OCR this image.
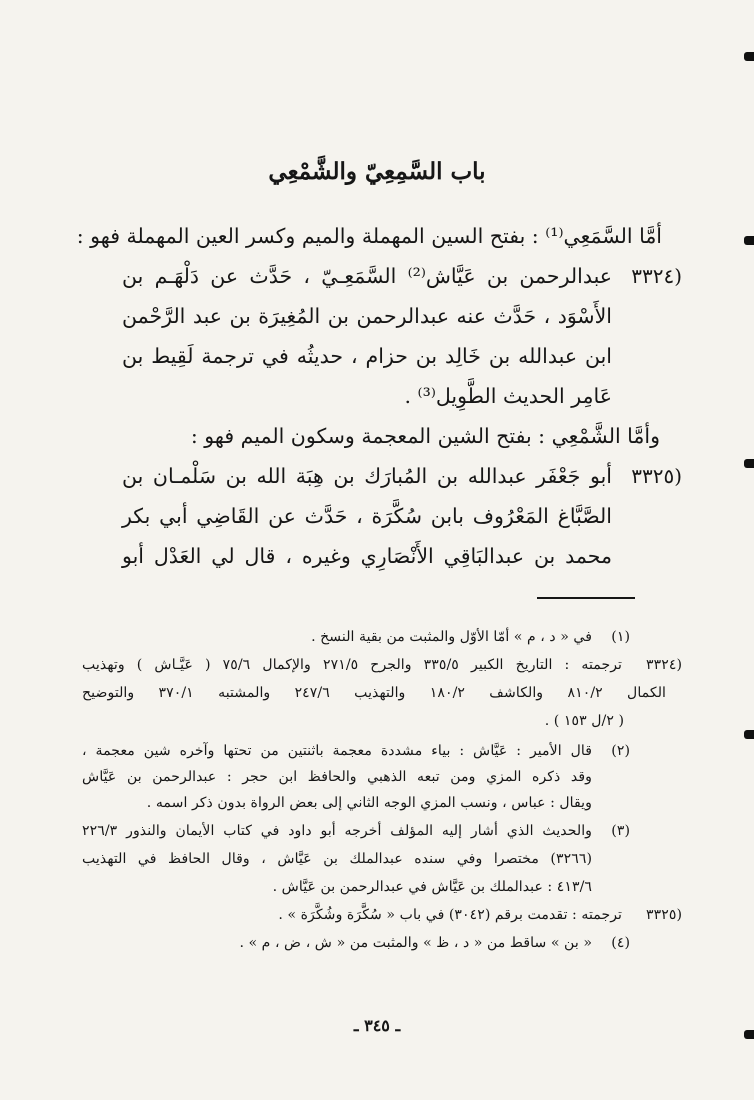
باب السَّمِعِيّ والشَّمْعِي
أمَّا السَّمَعِي⁽¹⁾ : بفتح السين المهملة والميم وكسر العين المهملة فهو :
عبدالرحمن بن عَيَّاش⁽²⁾ السَّمَعِـيّ ، حَدَّث عن دَلْهَـم بن
الأَسْوَد ، حَدَّث عنه عبدالرحمن بن المُغِيرَة بن عبد الرَّحْمن
ابن عبدالله بن خَالِد بن حزام ، حديثُه في ترجمة لَقِيط بن
عَامِر الحديث الطَّوِيل⁽³⁾ .
وأمَّا الشَّمْعِي : بفتح الشين المعجمة وسكون الميم فهو :
أبو جَعْفَر عبدالله بن المُبارَك بن هِبَة الله بن سَلْمـان بن
الصَّبَّاغ المَعْرُوف بابن سُكَّرَة ، حَدَّث عن القَاضِي أبي بكر
محمد بن عبدالبَاقِي الأَنْصَارِي وغيره ، قال لي العَدْل أبو
(٣٣٢٤
(٣٣٢٥
(١)
في « د ، م » أمّا الأوّل والمثبت من بقية النسخ .
(٣٣٢٤
ترجمته : التاريخ الكبير ٣٣٥/٥ والجرح ٢٧١/٥ والإكمال ٧٥/٦ ( عَيَّـاش ) وتهذيب
الكمال ٨١٠/٢ والكاشف ١٨٠/٢ والتهذيب ٢٤٧/٦ والمشتبه ٣٧٠/١ والتوضيح
( ٢/ل ١٥٣ ) .
(٢)
قال الأمير : عَيَّاش : بياء مشددة معجمة باثنتين من تحتها وآخره شين معجمة ،
وقد ذكره المزي ومن تبعه الذهبي والحافظ ابن حجر : عبدالرحمن بن عَيَّاش
ويقال : عباس ، ونسب المزي الوجه الثاني إلى بعض الرواة بدون ذكر اسمه .
(٣)
والحديث الذي أشار إليه المؤلف أخرجه أبو داود في كتاب الأيمان والنذور ٢٢٦/٣
(٣٢٦٦) مختصرا وفي سنده عبدالملك بن عَيَّاش ، وقال الحافظ في التهذيب
٤١٣/٦ : عبدالملك بن عَيَّاش في عبدالرحمن بن عَيَّاش .
(٣٣٢٥
ترجمته : تقدمت برقم (٣٠٤٢) في باب « سُكَّرَة وشُكَّرَة » .
(٤)
« بن » ساقط من « د ، ظ » والمثبت من « ش ، ض ، م » .
ـ ٣٤٥ ـ
